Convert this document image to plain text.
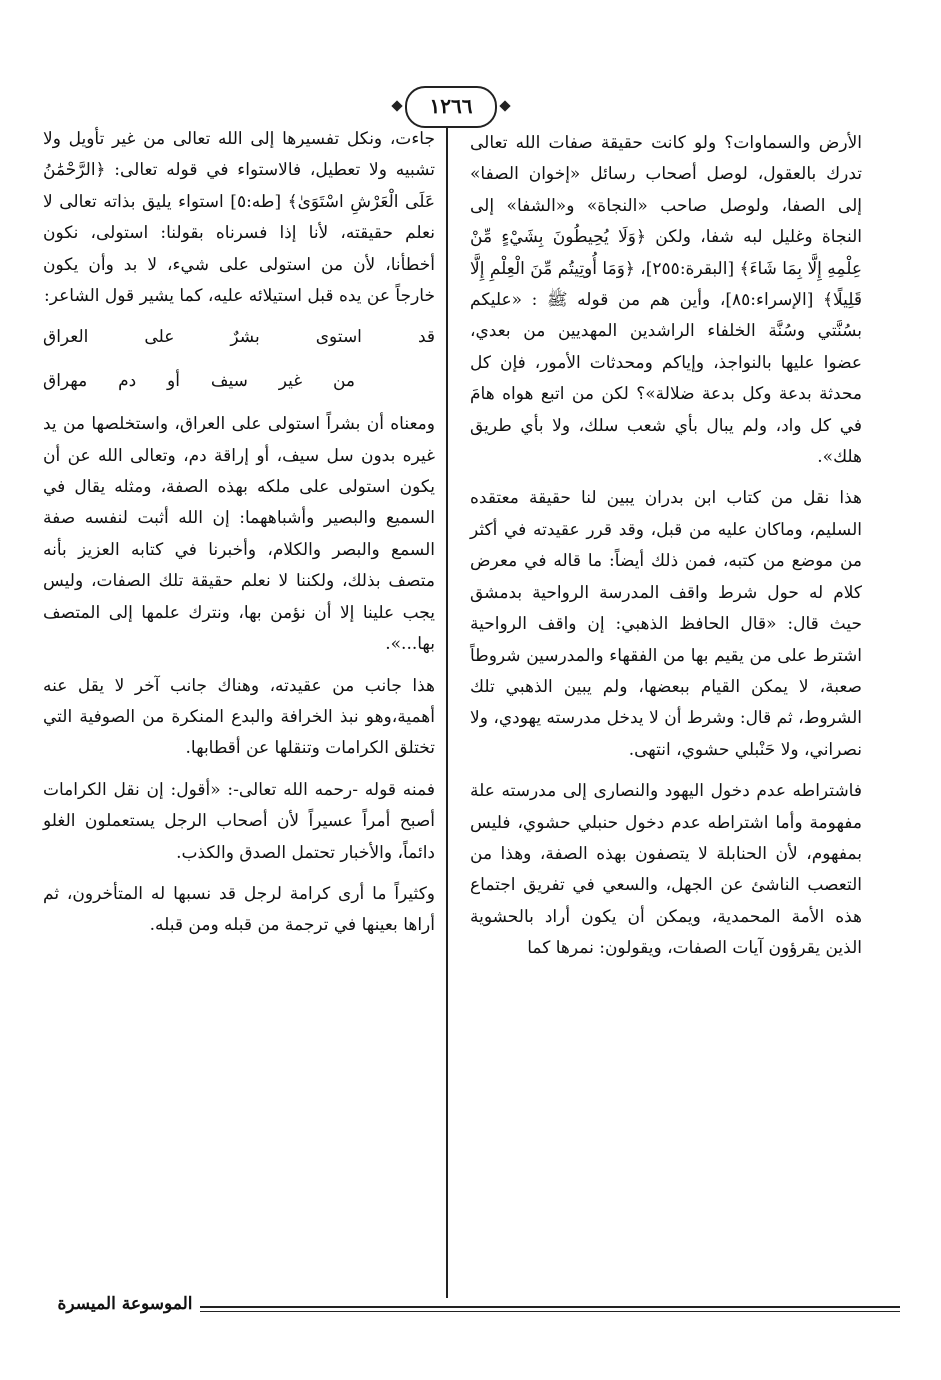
١٢٦٦

الأرض والسماوات؟ ولو كانت حقيقة صفات الله تعالى تدرك بالعقول، لوصل أصحاب رسائل «إخوان الصفا» إلى الصفا، ولوصل صاحب «النجاة» و«الشفا» إلى النجاة وغليل لبه شفا، ولكن ﴿وَلَا يُحِيطُونَ بِشَيْءٍ مِّنْ عِلْمِهِ إِلَّا بِمَا شَاءَ﴾ [البقرة:٢٥٥]، ﴿وَمَا أُوتِيتُم مِّنَ الْعِلْمِ إِلَّا قَلِيلًا﴾ [الإسراء:٨٥]، وأين هم من قوله ﷺ : «عليكم بسُنَّتي وسُنَّة الخلفاء الراشدين المهديين من بعدي، عضوا عليها بالنواجذ، وإياكم ومحدثات الأمور، فإن كل محدثة بدعة وكل بدعة ضلالة»؟ لكن من اتبع هواه هامَ في كل واد، ولم يبال بأي شعب سلك، ولا بأي طريق هلك».

هذا نقل من كتاب ابن بدران يبين لنا حقيقة معتقده السليم، وماكان عليه من قبل، وقد قرر عقيدته في أكثر من موضع من كتبه، فمن ذلك أيضاً: ما قاله في معرض كلام له حول شرط واقف المدرسة الرواحية بدمشق حيث قال: «قال الحافظ الذهبي: إن واقف الرواحية اشترط على من يقيم بها من الفقهاء والمدرسين شروطاً صعبة، لا يمكن القيام ببعضها، ولم يبين الذهبي تلك الشروط، ثم قال: وشرط أن لا يدخل مدرسته يهودي، ولا نصراني، ولا حَنْبلي حشوي، انتهى.

فاشتراطه عدم دخول اليهود والنصارى إلى مدرسته علة مفهومة وأما اشتراطه عدم دخول حنبلي حشوي، فليس بمفهوم، لأن الحنابلة لا يتصفون بهذه الصفة، وهذا من التعصب الناشئ عن الجهل، والسعي في تفريق اجتماع هذه الأمة المحمدية، ويمكن أن يكون أراد بالحشوية الذين يقرؤون آيات الصفات، ويقولون: نمرها كما

جاءت، ونكل تفسيرها إلى الله تعالى من غير تأويل ولا تشبيه ولا تعطيل، فالاستواء في قوله تعالى: ﴿الرَّحْمَٰنُ عَلَى الْعَرْشِ اسْتَوَىٰ﴾ [طه:٥] استواء يليق بذاته تعالى لا نعلم حقيقته، لأنا إذا فسرناه بقولنا: استولى، نكون أخطأنا، لأن من استولى على شيء، لا بد وأن يكون خارجاً عن يده قبل استيلائه عليه، كما يشير قول الشاعر:

قد استوى بشرٌ على العراق
من غير سيف أو دم مهراق

ومعناه أن بشراً استولى على العراق، واستخلصها من يد غيره بدون سل سيف، أو إراقة دم، وتعالى الله عن أن يكون استولى على ملكه بهذه الصفة، ومثله يقال في السميع والبصير وأشباههما: إن الله أثبت لنفسه صفة السمع والبصر والكلام، وأخبرنا في كتابه العزيز بأنه متصف بذلك، ولكننا لا نعلم حقيقة تلك الصفات، وليس يجب علينا إلا أن نؤمن بها، ونترك علمها إلى المتصف بها...».

هذا جانب من عقيدته، وهناك جانب آخر لا يقل عنه أهمية،وهو نبذ الخرافة والبدع المنكرة من الصوفية التي تختلق الكرامات وتنقلها عن أقطابها.

فمنه قوله -رحمه الله تعالى-: «أقول: إن نقل الكرامات أصبح أمراً عسيراً لأن أصحاب الرجل يستعملون الغلو دائماً، والأخبار تحتمل الصدق والكذب.

وكثيراً ما أرى كرامة لرجل قد نسبها له المتأخرون، ثم أراها بعينها في ترجمة من قبله ومن قبله.

الموسوعة الميسرة
